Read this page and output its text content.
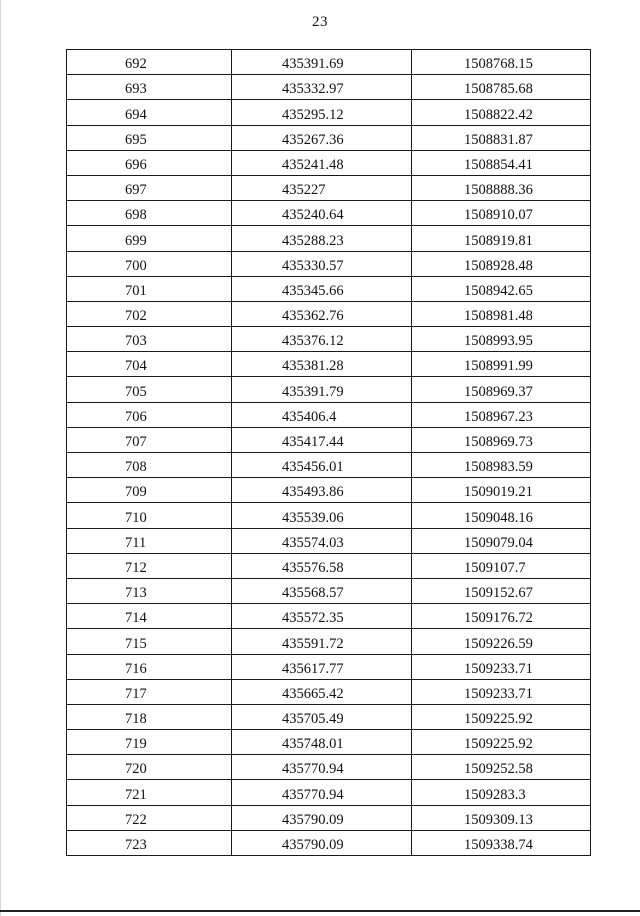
23
692	435391.69	1508768.15
693	435332.97	1508785.68
694	435295.12	1508822.42
695	435267.36	1508831.87
696	435241.48	1508854.41
697	435227	1508888.36
698	435240.64	1508910.07
699	435288.23	1508919.81
700	435330.57	1508928.48
701	435345.66	1508942.65
702	435362.76	1508981.48
703	435376.12	1508993.95
704	435381.28	1508991.99
705	435391.79	1508969.37
706	435406.4	1508967.23
707	435417.44	1508969.73
708	435456.01	1508983.59
709	435493.86	1509019.21
710	435539.06	1509048.16
711	435574.03	1509079.04
712	435576.58	1509107.7
713	435568.57	1509152.67
714	435572.35	1509176.72
715	435591.72	1509226.59
716	435617.77	1509233.71
717	435665.42	1509233.71
718	435705.49	1509225.92
719	435748.01	1509225.92
720	435770.94	1509252.58
721	435770.94	1509283.3
722	435790.09	1509309.13
723	435790.09	1509338.74
